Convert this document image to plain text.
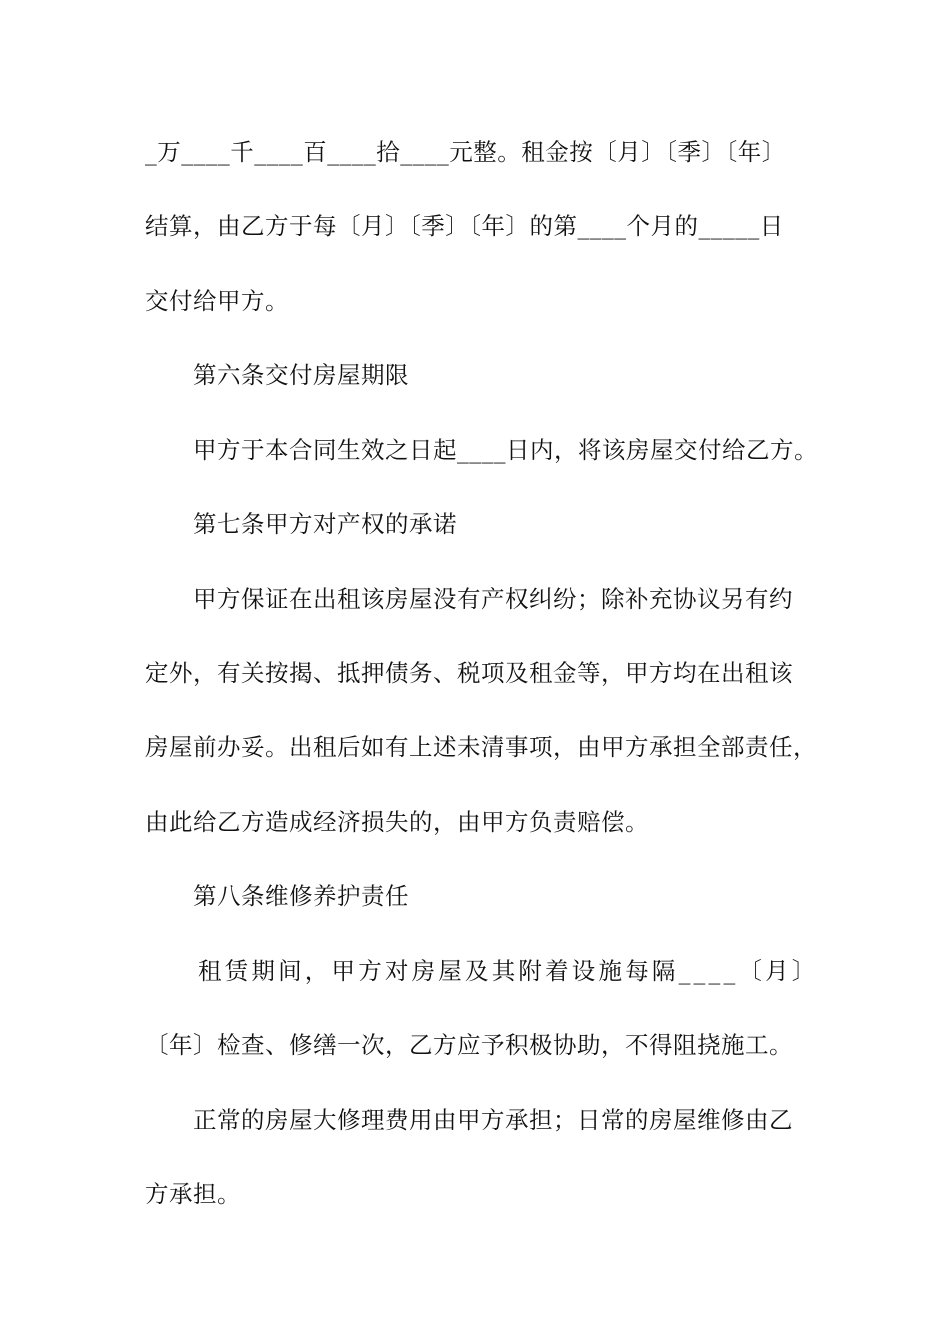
_万____千____百____拾____元整。租金按〔月〕〔季〕〔年〕
结算，由乙方于每〔月〕〔季〕〔年〕的第____个月的_____日
交付给甲方。
第六条交付房屋期限
甲方于本合同生效之日起____日内，将该房屋交付给乙方。
第七条甲方对产权的承诺
甲方保证在出租该房屋没有产权纠纷；除补充协议另有约
定外，有关按揭、抵押债务、税项及租金等，甲方均在出租该
房屋前办妥。出租后如有上述未清事项，由甲方承担全部责任，
由此给乙方造成经济损失的，由甲方负责赔偿。
第八条维修养护责任
租赁期间，甲方对房屋及其附着设施每隔____〔月〕
〔年〕检查、修缮一次，乙方应予积极协助，不得阻挠施工。
正常的房屋大修理费用由甲方承担；日常的房屋维修由乙
方承担。
